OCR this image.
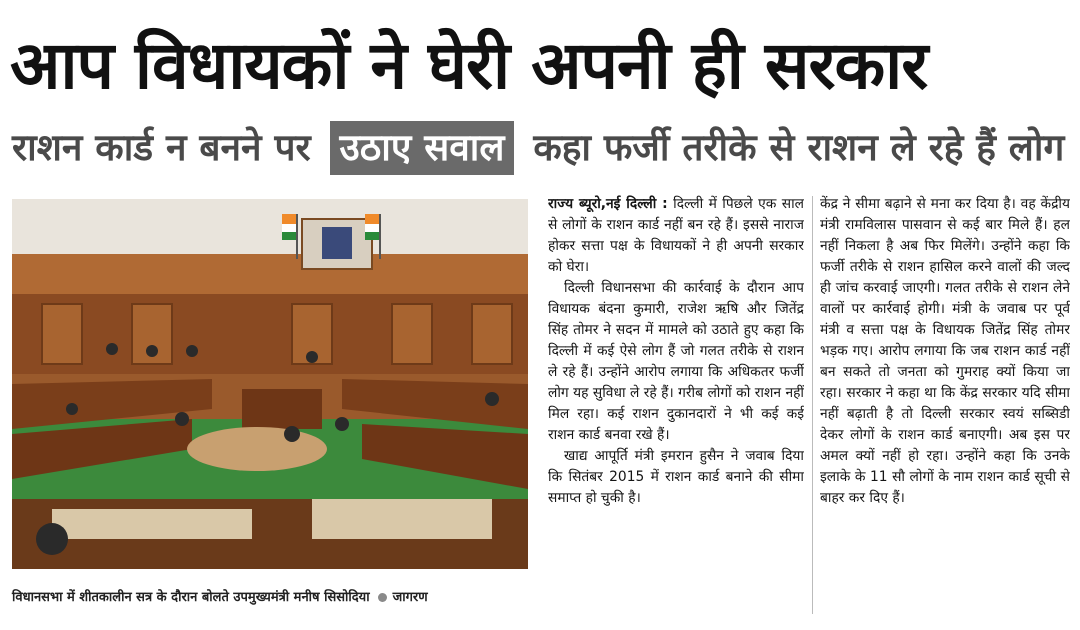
आप विधायकों ने घेरी अपनी ही सरकार
राशन कार्ड न बनने पर उठाए सवाल कहा फर्जी तरीके से राशन ले रहे हैं लोग
विधानसभा में शीतकालीन सत्र के दौरान बोलते उपमुख्यमंत्री मनीष सिसोदिया जागरण

राज्य ब्यूरो,नई दिल्ली : दिल्ली में पिछले एक साल से लोगों के राशन कार्ड नहीं बन रहे हैं। इससे नाराज होकर सत्ता पक्ष के विधायकों ने ही अपनी सरकार को घेरा।

दिल्ली विधानसभा की कार्रवाई के दौरान आप विधायक बंदना कुमारी, राजेश ऋषि और जितेंद्र सिंह तोमर ने सदन में मामले को उठाते हुए कहा कि दिल्ली में कई ऐसे लोग हैं जो गलत तरीके से राशन ले रहे हैं। उन्होंने आरोप लगाया कि अधिकतर फर्जी लोग यह सुविधा ले रहे हैं। गरीब लोगों को राशन नहीं मिल रहा। कई राशन दुकानदारों ने भी कई कई राशन कार्ड बनवा रखे हैं।

खाद्य आपूर्ति मंत्री इमरान हुसैन ने जवाब दिया कि सितंबर 2015 में राशन कार्ड बनाने की सीमा समाप्त हो चुकी है।

केंद्र ने सीमा बढ़ाने से मना कर दिया है। वह केंद्रीय मंत्री रामविलास पासवान से कई बार मिले हैं। हल नहीं निकला है अब फिर मिलेंगे। उन्होंने कहा कि फर्जी तरीके से राशन हासिल करने वालों की जल्द ही जांच करवाई जाएगी। गलत तरीके से राशन लेने वालों पर कार्रवाई होगी। मंत्री के जवाब पर पूर्व मंत्री व सत्ता पक्ष के विधायक जितेंद्र सिंह तोमर भड़क गए। आरोप लगाया कि जब राशन कार्ड नहीं बन सकते तो जनता को गुमराह क्यों किया जा रहा। सरकार ने कहा था कि केंद्र सरकार यदि सीमा नहीं बढ़ाती है तो दिल्ली सरकार स्वयं सब्सिडी देकर लोगों के राशन कार्ड बनाएगी। अब इस पर अमल क्यों नहीं हो रहा। उन्होंने कहा कि उनके इलाके के 11 सौ लोगों के नाम राशन कार्ड सूची से बाहर कर दिए हैं।
